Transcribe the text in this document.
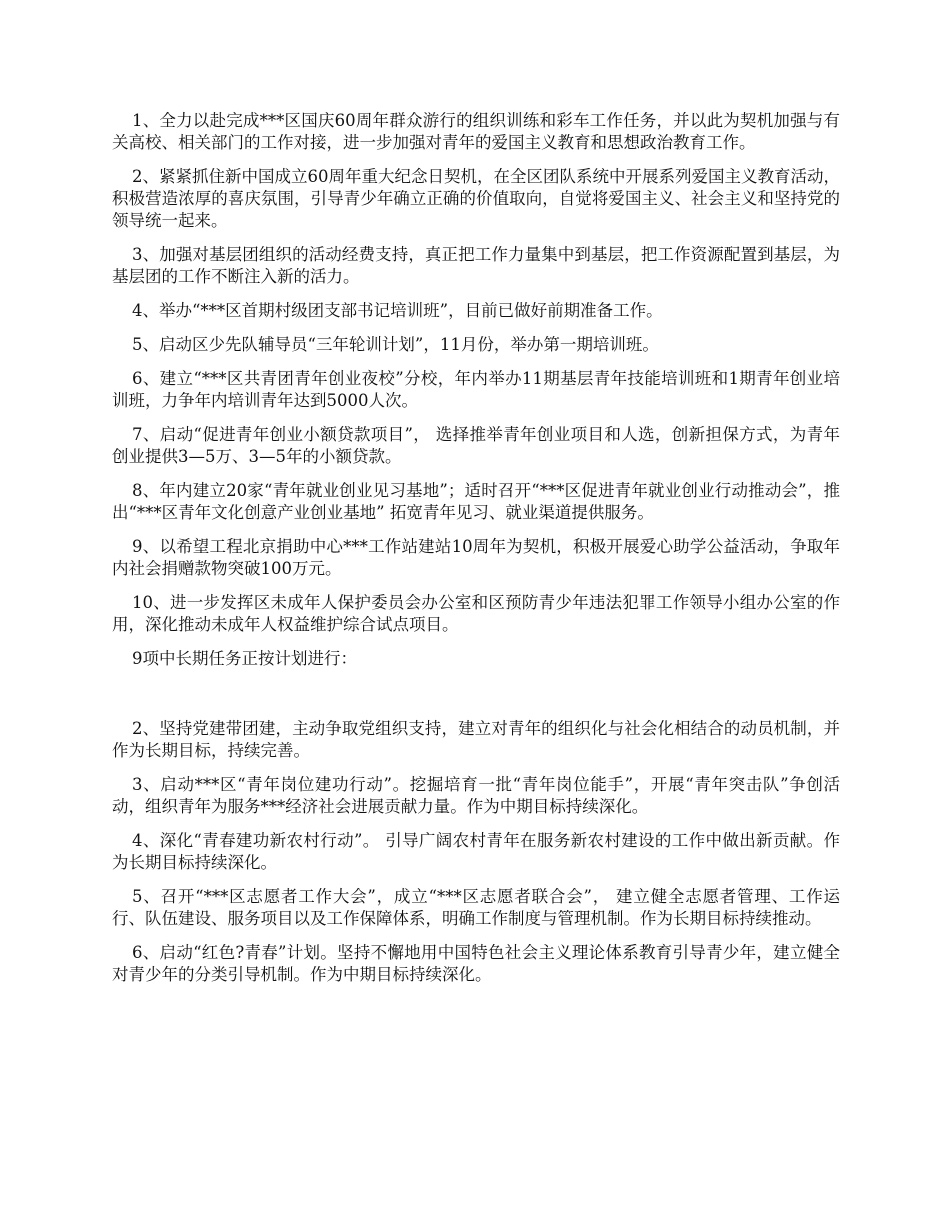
1、全力以赴完成***区国庆60周年群众游行的组织训练和彩车工作任务，并以此为契机加强与有关高校、相关部门的工作对接，进一步加强对青年的爱国主义教育和思想政治教育工作。

2、紧紧抓住新中国成立60周年重大纪念日契机，在全区团队系统中开展系列爱国主义教育活动，积极营造浓厚的喜庆氛围，引导青少年确立正确的价值取向，自觉将爱国主义、社会主义和坚持党的领导统一起来。

3、加强对基层团组织的活动经费支持，真正把工作力量集中到基层，把工作资源配置到基层，为基层团的工作不断注入新的活力。

4、举办“***区首期村级团支部书记培训班”，目前已做好前期准备工作。

5、启动区少先队辅导员“三年轮训计划”，11月份，举办第一期培训班。

6、建立“***区共青团青年创业夜校”分校，年内举办11期基层青年技能培训班和1期青年创业培训班，力争年内培训青年达到5000人次。

7、启动“促进青年创业小额贷款项目”， 选择推举青年创业项目和人选，创新担保方式，为青年创业提供3—5万、3—5年的小额贷款。

8、年内建立20家“青年就业创业见习基地”；适时召开“***区促进青年就业创业行动推动会”，推出“***区青年文化创意产业创业基地” 拓宽青年见习、就业渠道提供服务。

9、以希望工程北京捐助中心***工作站建站10周年为契机，积极开展爱心助学公益活动，争取年内社会捐赠款物突破100万元。

10、进一步发挥区未成年人保护委员会办公室和区预防青少年违法犯罪工作领导小组办公室的作用，深化推动未成年人权益维护综合试点项目。

9项中长期任务正按计划进行：

2、坚持党建带团建，主动争取党组织支持，建立对青年的组织化与社会化相结合的动员机制，并作为长期目标，持续完善。

3、启动***区“青年岗位建功行动”。挖掘培育一批“青年岗位能手”，开展“青年突击队”争创活动，组织青年为服务***经济社会进展贡献力量。作为中期目标持续深化。

4、深化“青春建功新农村行动”。 引导广阔农村青年在服务新农村建设的工作中做出新贡献。作为长期目标持续深化。

5、召开“***区志愿者工作大会”，成立“***区志愿者联合会”， 建立健全志愿者管理、工作运行、队伍建设、服务项目以及工作保障体系，明确工作制度与管理机制。作为长期目标持续推动。

6、启动“红色?青春”计划。坚持不懈地用中国特色社会主义理论体系教育引导青少年，建立健全对青少年的分类引导机制。作为中期目标持续深化。
